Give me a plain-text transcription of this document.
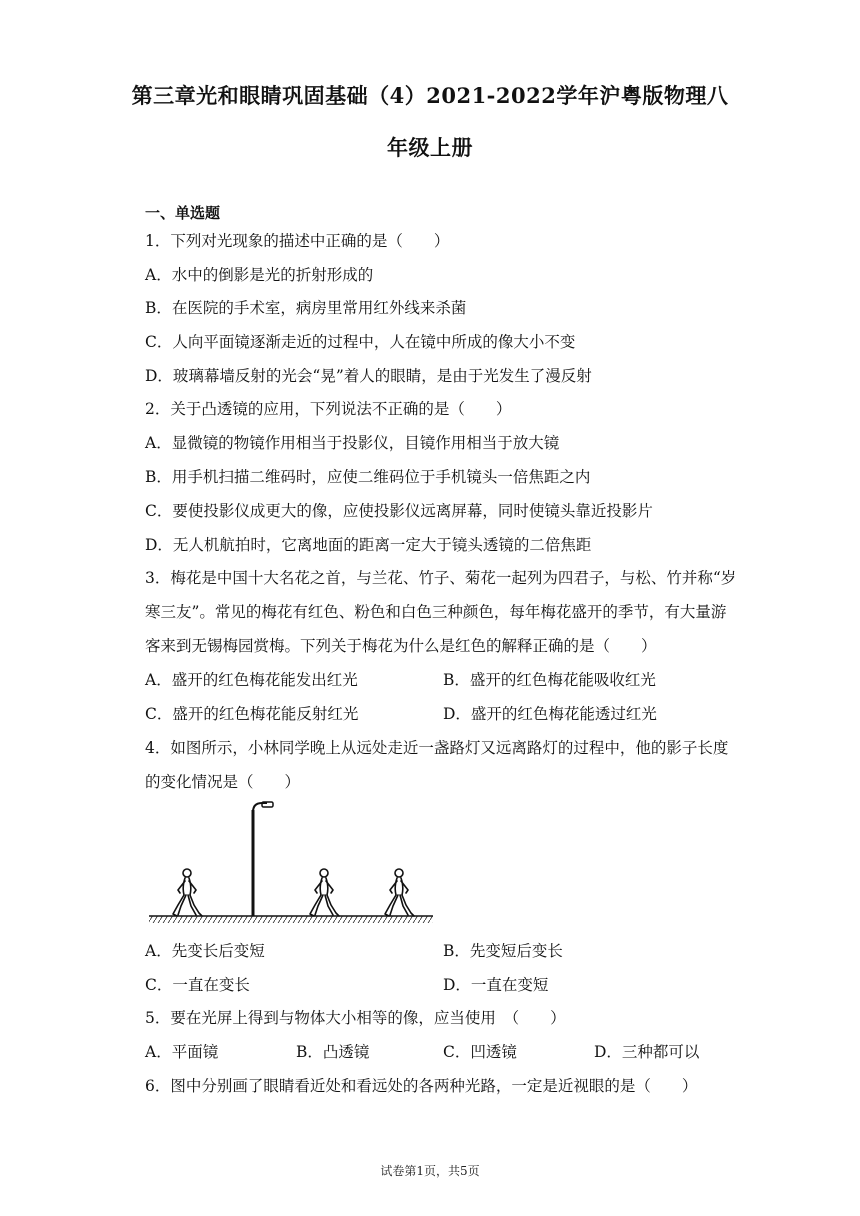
第三章光和眼睛巩固基础（4）2021-2022学年沪粤版物理八年级上册
一、单选题
1．下列对光现象的描述中正确的是（　　）
A．水中的倒影是光的折射形成的
B．在医院的手术室，病房里常用红外线来杀菌
C．人向平面镜逐渐走近的过程中，人在镜中所成的像大小不变
D．玻璃幕墙反射的光会“晃”着人的眼睛，是由于光发生了漫反射
2．关于凸透镜的应用，下列说法不正确的是（　　）
A．显微镜的物镜作用相当于投影仪，目镜作用相当于放大镜
B．用手机扫描二维码时，应使二维码位于手机镜头一倍焦距之内
C．要使投影仪成更大的像，应使投影仪远离屏幕，同时使镜头靠近投影片
D．无人机航拍时，它离地面的距离一定大于镜头透镜的二倍焦距
3．梅花是中国十大名花之首，与兰花、竹子、菊花一起列为四君子，与松、竹并称“岁
寒三友”。常见的梅花有红色、粉色和白色三种颜色，每年梅花盛开的季节，有大量游
客来到无锡梅园赏梅。下列关于梅花为什么是红色的解释正确的是（　　）
A．盛开的红色梅花能发出红光	B．盛开的红色梅花能吸收红光
C．盛开的红色梅花能反射红光	D．盛开的红色梅花能透过红光
4．如图所示，小林同学晚上从远处走近一盏路灯又远离路灯的过程中，他的影子长度
的变化情况是（　　）
A．先变长后变短	B．先变短后变长
C．一直在变长	D．一直在变短
5．要在光屏上得到与物体大小相等的像，应当使用　（　　）
A．平面镜	B．凸透镜	C．凹透镜	D．三种都可以
6．图中分别画了眼睛看近处和看远处的各两种光路，一定是近视眼的是（　　）
试卷第1页，共5页
